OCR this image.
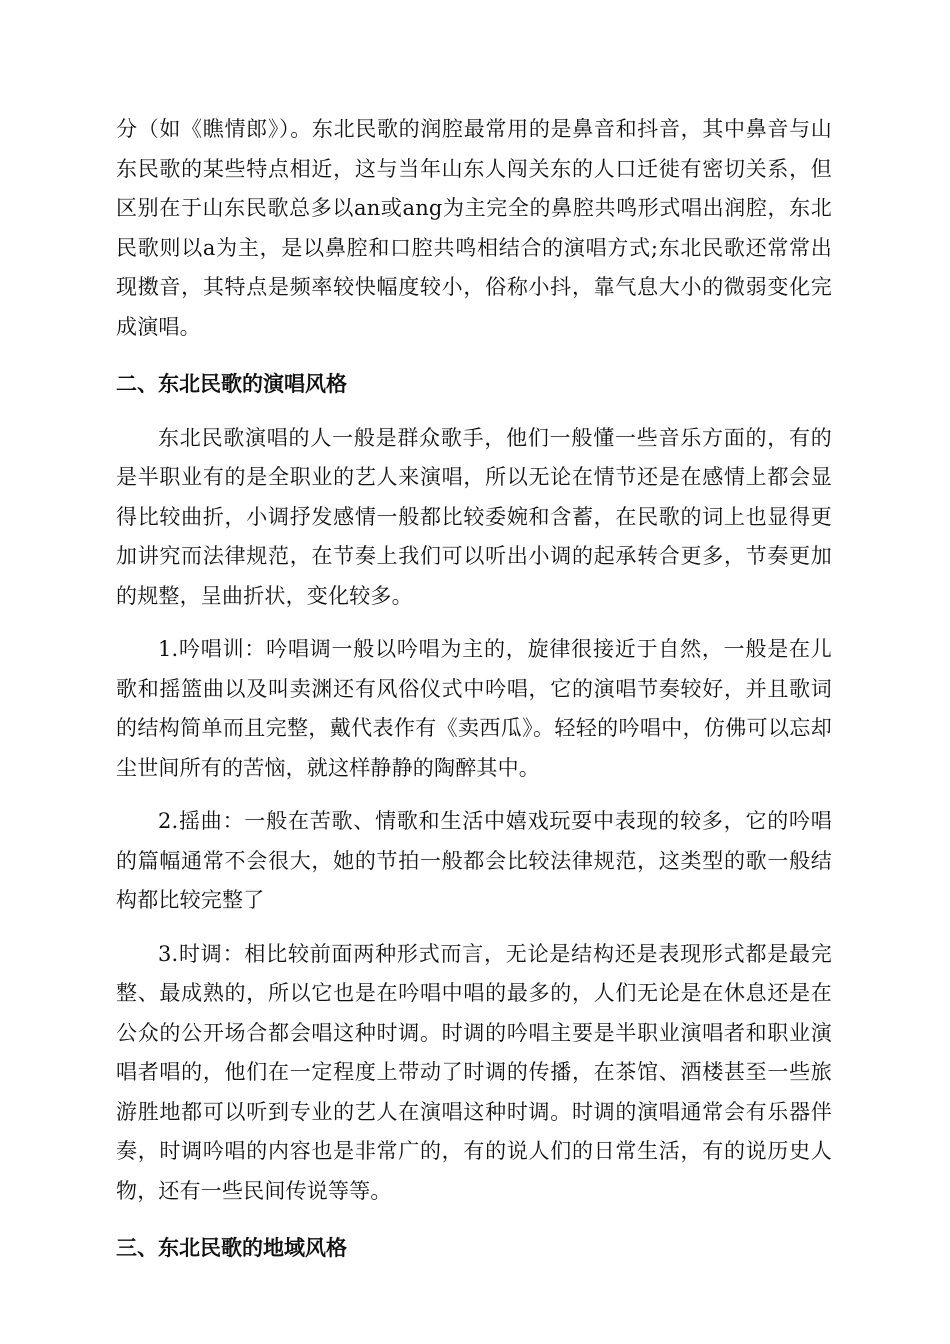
分（如《瞧情郎》）。东北民歌的润腔最常用的是鼻音和抖音，其中鼻音与山东民歌的某些特点相近，这与当年山东人闯关东的人口迁徙有密切关系，但区别在于山东民歌总多以an或ang为主完全的鼻腔共鸣形式唱出润腔，东北民歌则以a为主，是以鼻腔和口腔共鸣相结合的演唱方式;东北民歌还常常出现擞音，其特点是频率较快幅度较小，俗称小抖，靠气息大小的微弱变化完成演唱。

二、东北民歌的演唱风格

东北民歌演唱的人一般是群众歌手，他们一般懂一些音乐方面的，有的是半职业有的是全职业的艺人来演唱，所以无论在情节还是在感情上都会显得比较曲折，小调抒发感情一般都比较委婉和含蓄，在民歌的词上也显得更加讲究而法律规范，在节奏上我们可以听出小调的起承转合更多，节奏更加的规整，呈曲折状，变化较多。

1.吟唱训：吟唱调一般以吟唱为主的，旋律很接近于自然，一般是在儿歌和摇篮曲以及叫卖渊还有风俗仪式中吟唱，它的演唱节奏较好，并且歌词的结构简单而且完整，戴代表作有《卖西瓜》。轻轻的吟唱中，仿佛可以忘却尘世间所有的苦恼，就这样静静的陶醉其中。

2.摇曲：一般在苦歌、情歌和生活中嬉戏玩耍中表现的较多，它的吟唱的篇幅通常不会很大，她的节拍一般都会比较法律规范，这类型的歌一般结构都比较完整了

3.时调：相比较前面两种形式而言，无论是结构还是表现形式都是最完整、最成熟的，所以它也是在吟唱中唱的最多的，人们无论是在休息还是在公众的公开场合都会唱这种时调。时调的吟唱主要是半职业演唱者和职业演唱者唱的，他们在一定程度上带动了时调的传播，在茶馆、酒楼甚至一些旅游胜地都可以听到专业的艺人在演唱这种时调。时调的演唱通常会有乐器伴奏，时调吟唱的内容也是非常广的，有的说人们的日常生活，有的说历史人物，还有一些民间传说等等。

三、东北民歌的地域风格
